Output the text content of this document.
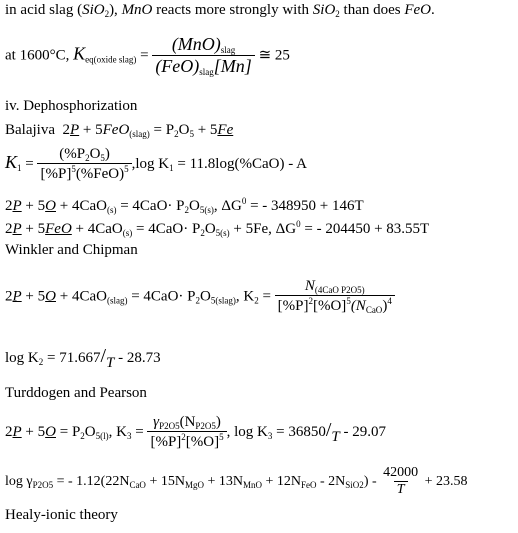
in acid slag (SiO$_2$), MnO reacts more strongly with SiO$_2$ than does FeO.
at 1600°C, $K_{eq(oxide slag)}$ =
$(MnO)_{slag}$
$(FeO)_{slag}[Mn]$
≅ 25
iv. Dephosphorization
Balajiva $2P + 5FeO_{(slag)} = P_2O_5 + 5Fe$
$K_1$ =
$(\%P_2O_5)$
$[\%P]^5(\%FeO)^5$ ,log $K_1 = 11.8\log(\%CaO) - A$
$2P + 5O + 4CaO_{(s)} = 4CaO\cdot P_2O_{5(s)}$, $\Delta G^0$ = - 348950 + 146T
$2P + 5FeO + 4CaO_{(s)} = 4CaO\cdot P_2O_{5(s)} + 5Fe$, $\Delta G^0$ = - 204450 + 83.55T
Winkler and Chipman
$2P + 5O + 4CaO_{(slag)} = 4CaO\cdot P_2O_{5(slag)}$, $K_2$ =
$N_{(4CaO P2O5)}$
$[\%P]^2[\%O]^5(N_{CaO})^4$
$\log K_2 = 71.667/T - 28.73$
Turddogen and Pearson
$2P + 5O = P_2O_{5(l)}$, $K_3 = \frac{\gamma_{P2O5}(N_{P2O5})}{[\%P]^2[\%O]^5}$ , $\log K_3 = 36850/T - 29.07$
$\log \gamma_{P2O5}$ = - $1.12(22N_{CaO} + 15N_{MgO} + 13N_{MnO} + 12N_{FeO} - 2N_{SiO2}) - \frac{42000}{T} + 23.58$
Healy-ionic theory
